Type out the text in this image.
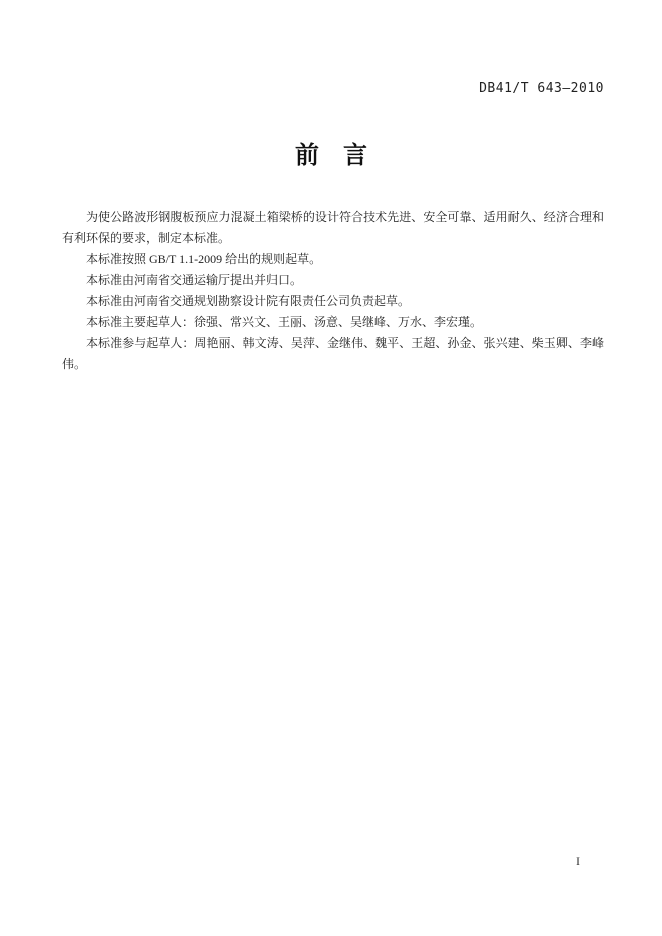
DB41/T 643—2010
前　言

为使公路波形钢腹板预应力混凝土箱梁桥的设计符合技术先进、安全可靠、适用耐久、经济合理和有利环保的要求，制定本标准。

本标准按照 GB/T 1.1-2009 给出的规则起草。

本标准由河南省交通运输厅提出并归口。

本标准由河南省交通规划勘察设计院有限责任公司负责起草。

本标准主要起草人：徐强、常兴文、王丽、汤意、吴继峰、万水、李宏瑾。

本标准参与起草人：周艳丽、韩文涛、吴萍、金继伟、魏平、王超、孙金、张兴建、柴玉卿、李峰伟。

I
